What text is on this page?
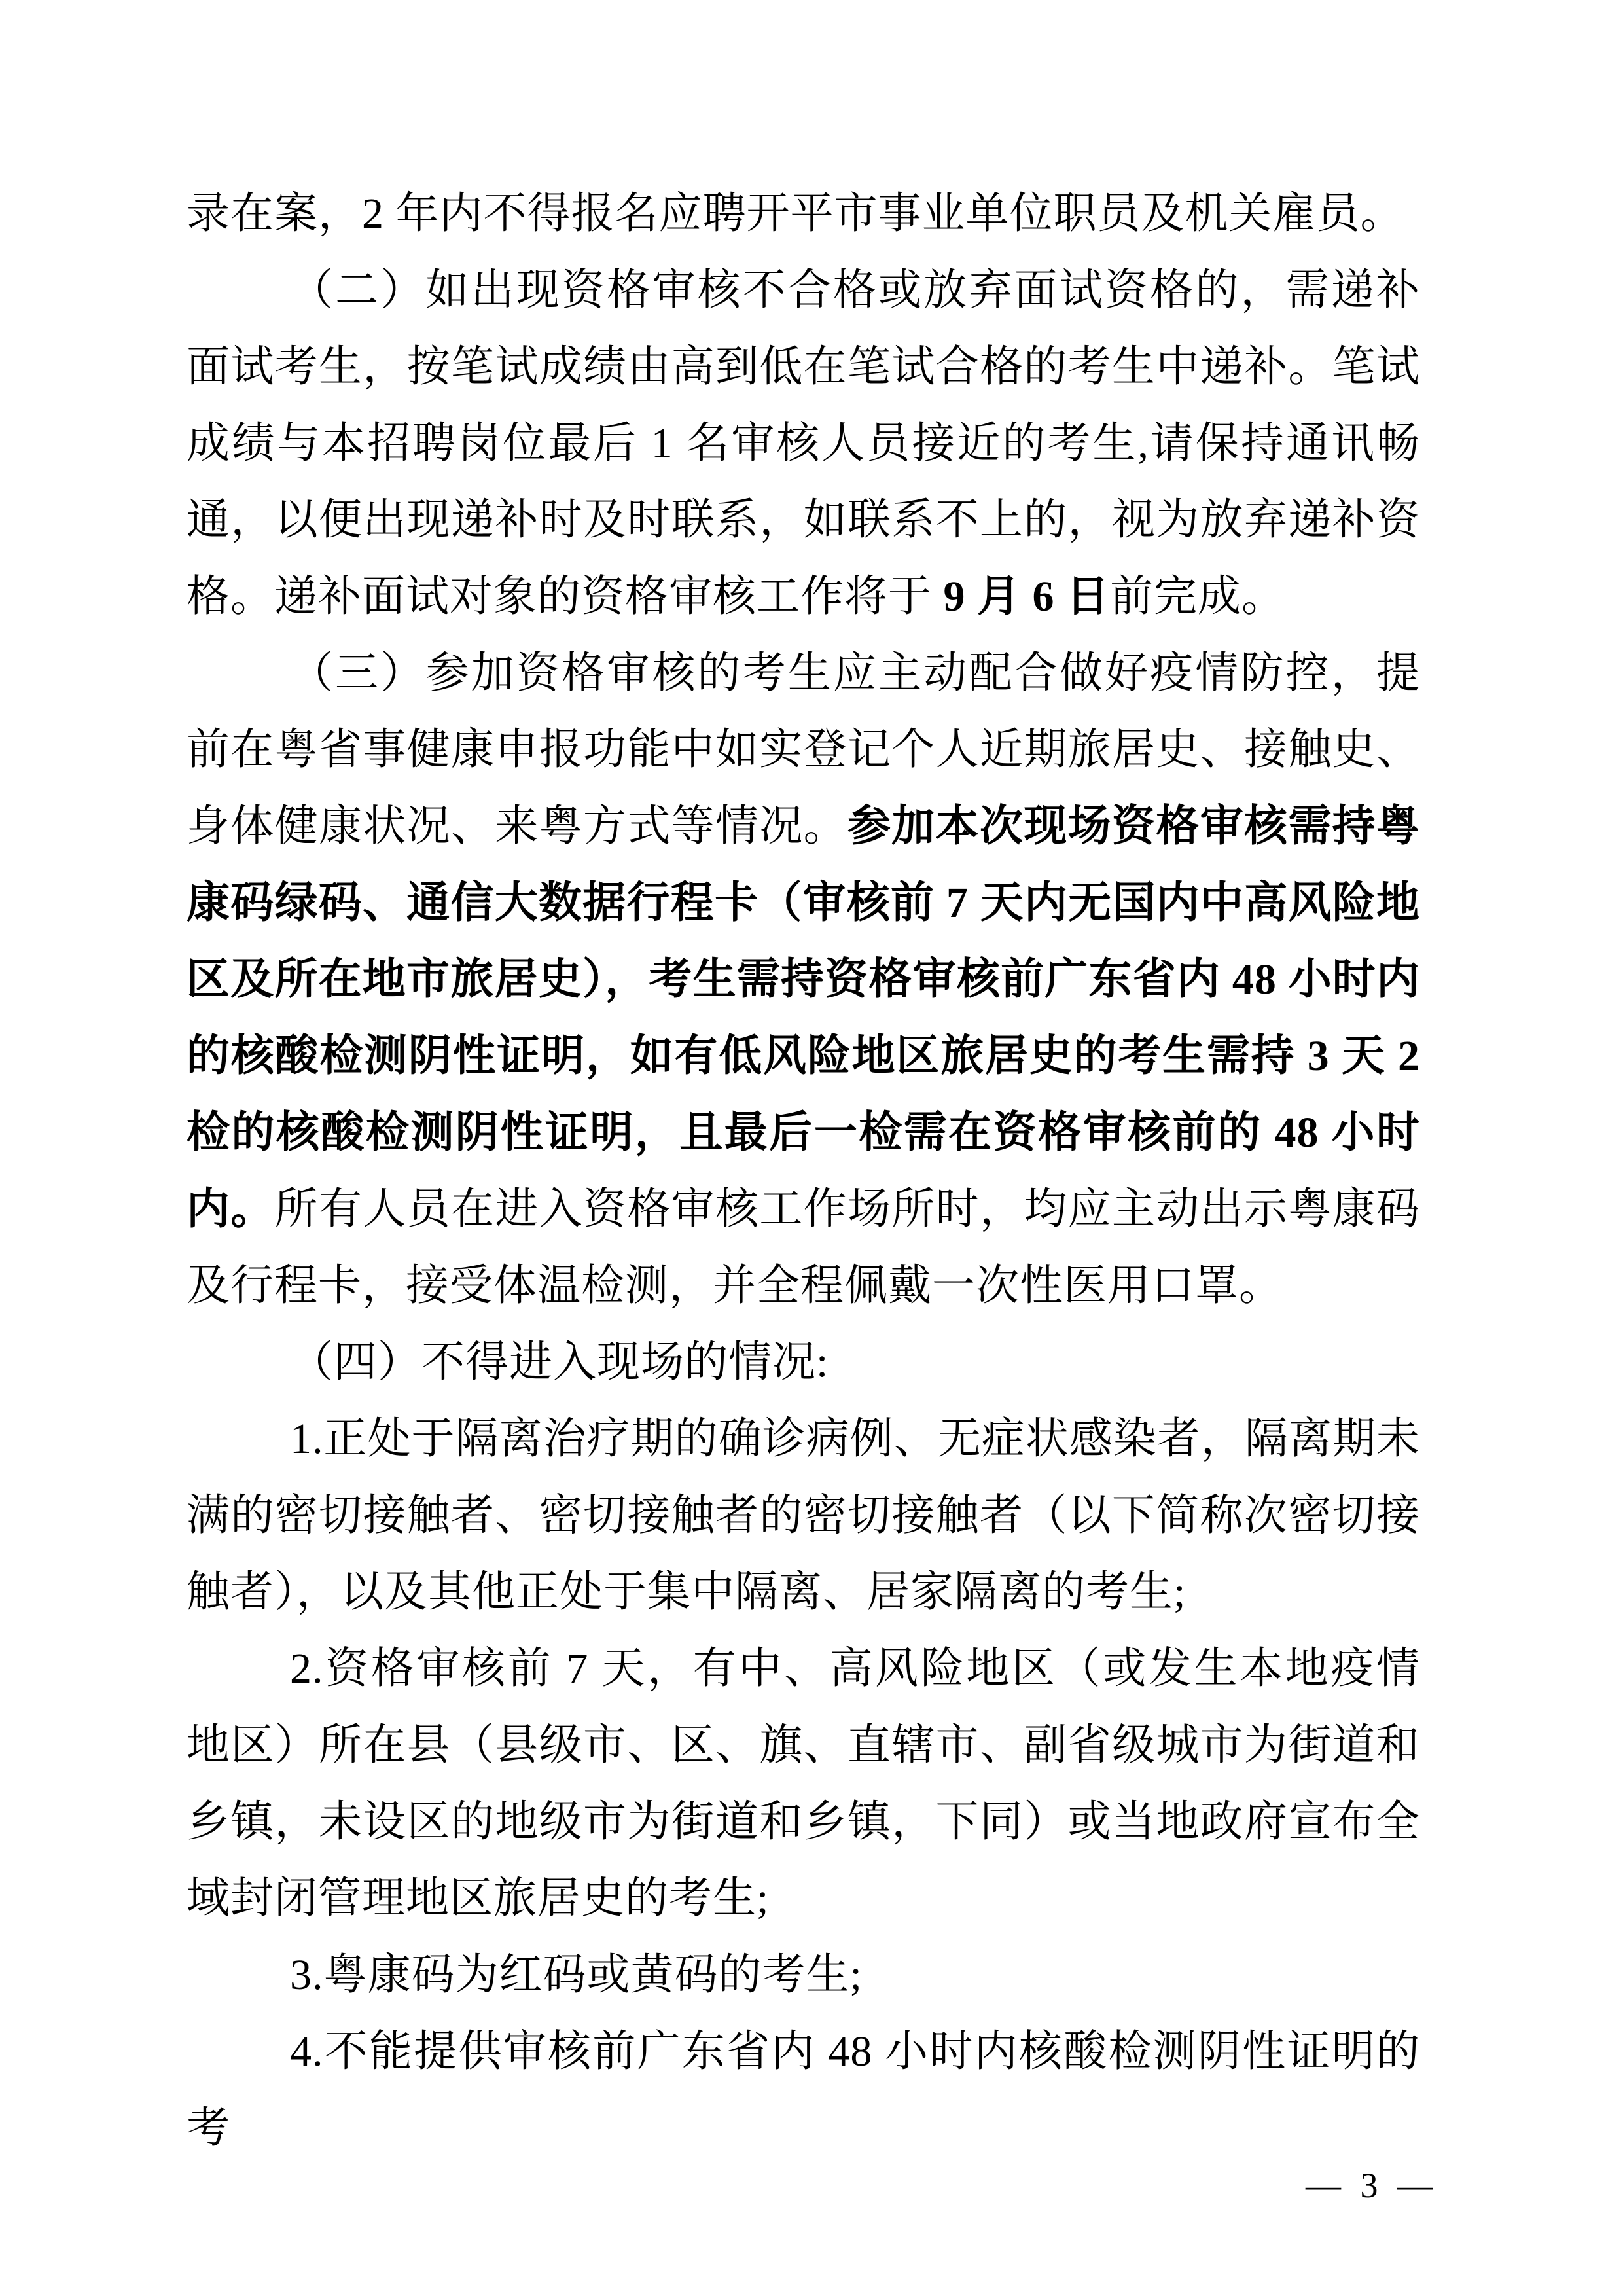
录在案，2 年内不得报名应聘开平市事业单位职员及机关雇员。

（二）如出现资格审核不合格或放弃面试资格的，需递补面试考生，按笔试成绩由高到低在笔试合格的考生中递补。笔试成绩与本招聘岗位最后 1 名审核人员接近的考生,请保持通讯畅通，以便出现递补时及时联系，如联系不上的，视为放弃递补资格。递补面试对象的资格审核工作将于 9 月 6 日前完成。

（三）参加资格审核的考生应主动配合做好疫情防控，提前在粤省事健康申报功能中如实登记个人近期旅居史、接触史、身体健康状况、来粤方式等情况。参加本次现场资格审核需持粤康码绿码、通信大数据行程卡（审核前 7 天内无国内中高风险地区及所在地市旅居史），考生需持资格审核前广东省内 48 小时内的核酸检测阴性证明，如有低风险地区旅居史的考生需持 3 天 2 检的核酸检测阴性证明，且最后一检需在资格审核前的 48 小时内。所有人员在进入资格审核工作场所时，均应主动出示粤康码及行程卡，接受体温检测，并全程佩戴一次性医用口罩。

（四）不得进入现场的情况:

1.正处于隔离治疗期的确诊病例、无症状感染者，隔离期未满的密切接触者、密切接触者的密切接触者（以下简称次密切接触者），以及其他正处于集中隔离、居家隔离的考生;

2.资格审核前 7 天，有中、高风险地区（或发生本地疫情地区）所在县（县级市、区、旗、直辖市、副省级城市为街道和乡镇，未设区的地级市为街道和乡镇，下同）或当地政府宣布全域封闭管理地区旅居史的考生;

3.粤康码为红码或黄码的考生;

4.不能提供审核前广东省内 48 小时内核酸检测阴性证明的考

— 3 —
